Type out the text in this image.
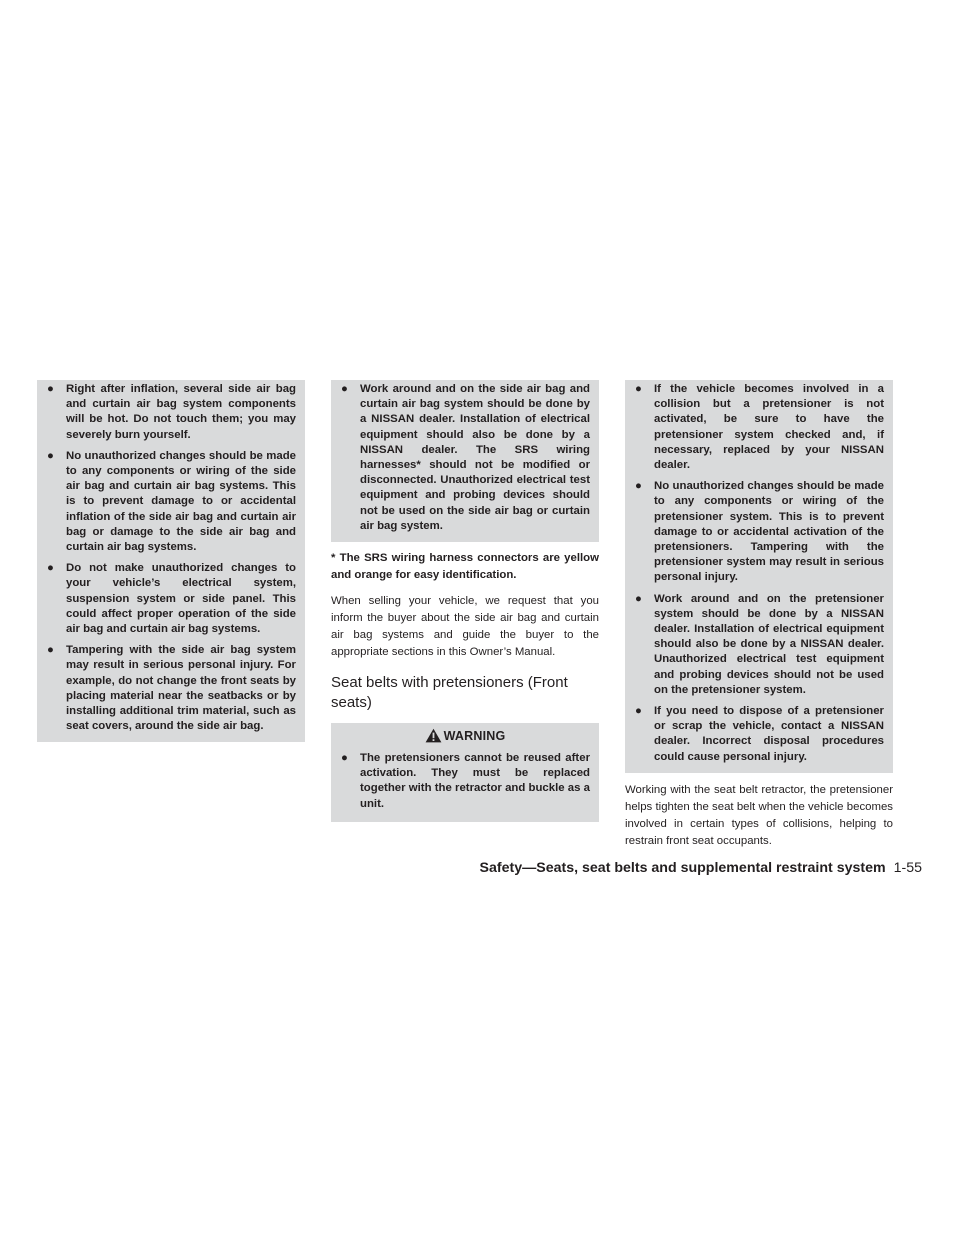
● Right after inflation, several side air bag and curtain air bag system components will be hot. Do not touch them; you may severely burn yourself.
● No unauthorized changes should be made to any components or wiring of the side air bag and curtain air bag systems. This is to prevent damage to or accidental inflation of the side air bag and curtain air bag or damage to the side air bag and curtain air bag systems.
● Do not make unauthorized changes to your vehicle’s electrical system, suspension system or side panel. This could affect proper operation of the side air bag and curtain air bag systems.
● Tampering with the side air bag system may result in serious personal injury. For example, do not change the front seats by placing material near the seatbacks or by installing additional trim material, such as seat covers, around the side air bag.
● Work around and on the side air bag and curtain air bag system should be done by a NISSAN dealer. Installation of electrical equipment should also be done by a NISSAN dealer. The SRS wiring harnesses* should not be modified or disconnected. Unauthorized electrical test equipment and probing devices should not be used on the side air bag or curtain air bag system.

* The SRS wiring harness connectors are yellow and orange for easy identification.

When selling your vehicle, we request that you inform the buyer about the side air bag and curtain air bag systems and guide the buyer to the appropriate sections in this Owner’s Manual.

Seat belts with pretensioners (Front seats)
WARNING
● The pretensioners cannot be reused after activation. They must be replaced together with the retractor and buckle as a unit.
● If the vehicle becomes involved in a collision but a pretensioner is not activated, be sure to have the pretensioner system checked and, if necessary, replaced by your NISSAN dealer.
● No unauthorized changes should be made to any components or wiring of the pretensioner system. This is to prevent damage to or accidental activation of the pretensioners. Tampering with the pretensioner system may result in serious personal injury.
● Work around and on the pretensioner system should be done by a NISSAN dealer. Installation of electrical equipment should also be done by a NISSAN dealer. Unauthorized electrical test equipment and probing devices should not be used on the pretensioner system.
● If you need to dispose of a pretensioner or scrap the vehicle, contact a NISSAN dealer. Incorrect disposal procedures could cause personal injury.

Working with the seat belt retractor, the pretensioner helps tighten the seat belt when the vehicle becomes involved in certain types of collisions, helping to restrain front seat occupants.

Safety—Seats, seat belts and supplemental restraint system 1-55
